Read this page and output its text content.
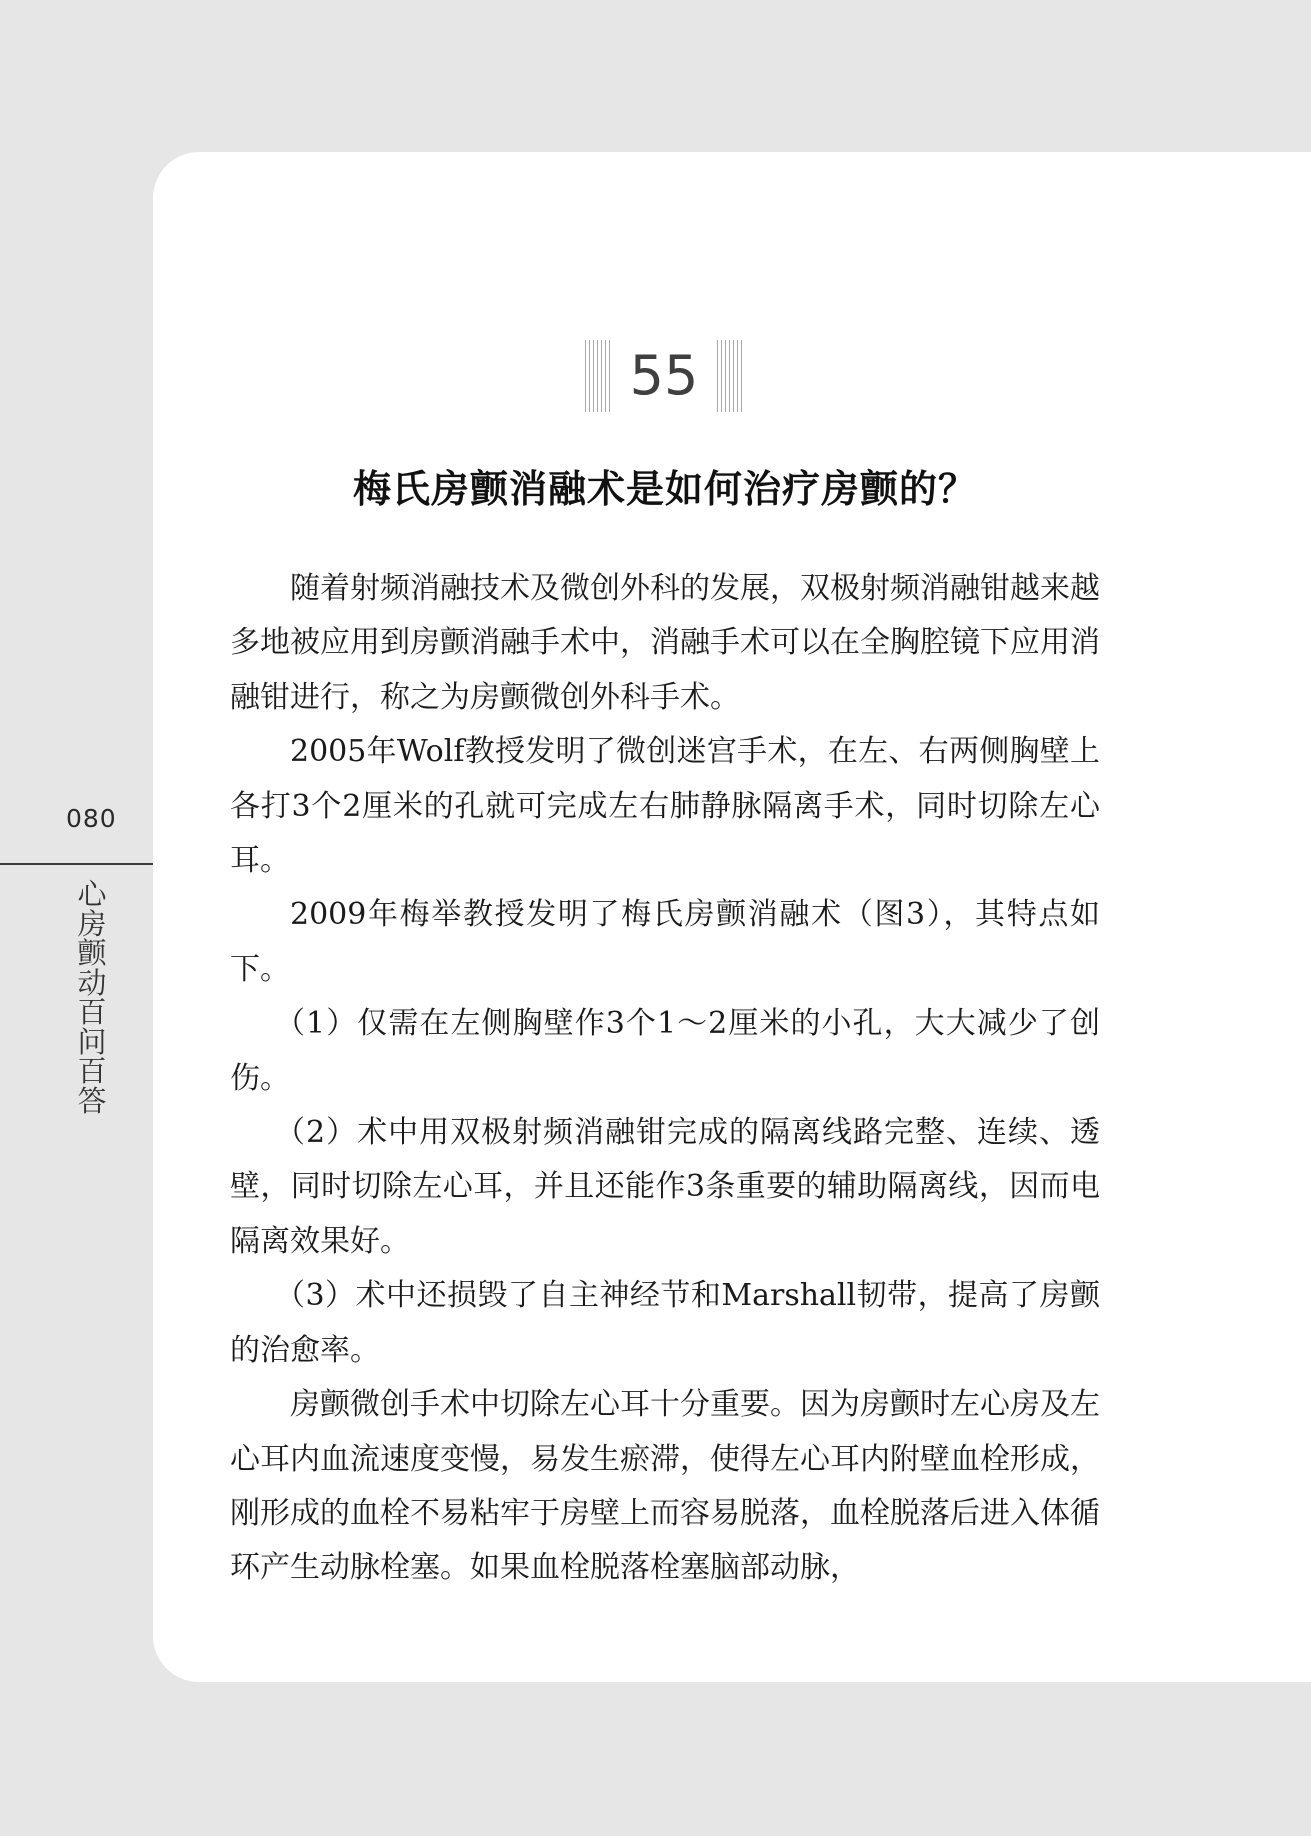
080
心房颤动百问百答
55
梅氏房颤消融术是如何治疗房颤的？

随着射频消融技术及微创外科的发展，双极射频消融钳越来越多地被应用到房颤消融手术中，消融手术可以在全胸腔镜下应用消融钳进行，称之为房颤微创外科手术。

2005年Wolf教授发明了微创迷宫手术，在左、右两侧胸壁上各打3个2厘米的孔就可完成左右肺静脉隔离手术，同时切除左心耳。

2009年梅举教授发明了梅氏房颤消融术（图3），其特点如下。

（1）仅需在左侧胸壁作3个1～2厘米的小孔，大大减少了创伤。

（2）术中用双极射频消融钳完成的隔离线路完整、连续、透壁，同时切除左心耳，并且还能作3条重要的辅助隔离线，因而电隔离效果好。

（3）术中还损毁了自主神经节和Marshall韧带，提高了房颤的治愈率。

房颤微创手术中切除左心耳十分重要。因为房颤时左心房及左心耳内血流速度变慢，易发生瘀滞，使得左心耳内附壁血栓形成，刚形成的血栓不易粘牢于房壁上而容易脱落，血栓脱落后进入体循环产生动脉栓塞。如果血栓脱落栓塞脑部动脉，
